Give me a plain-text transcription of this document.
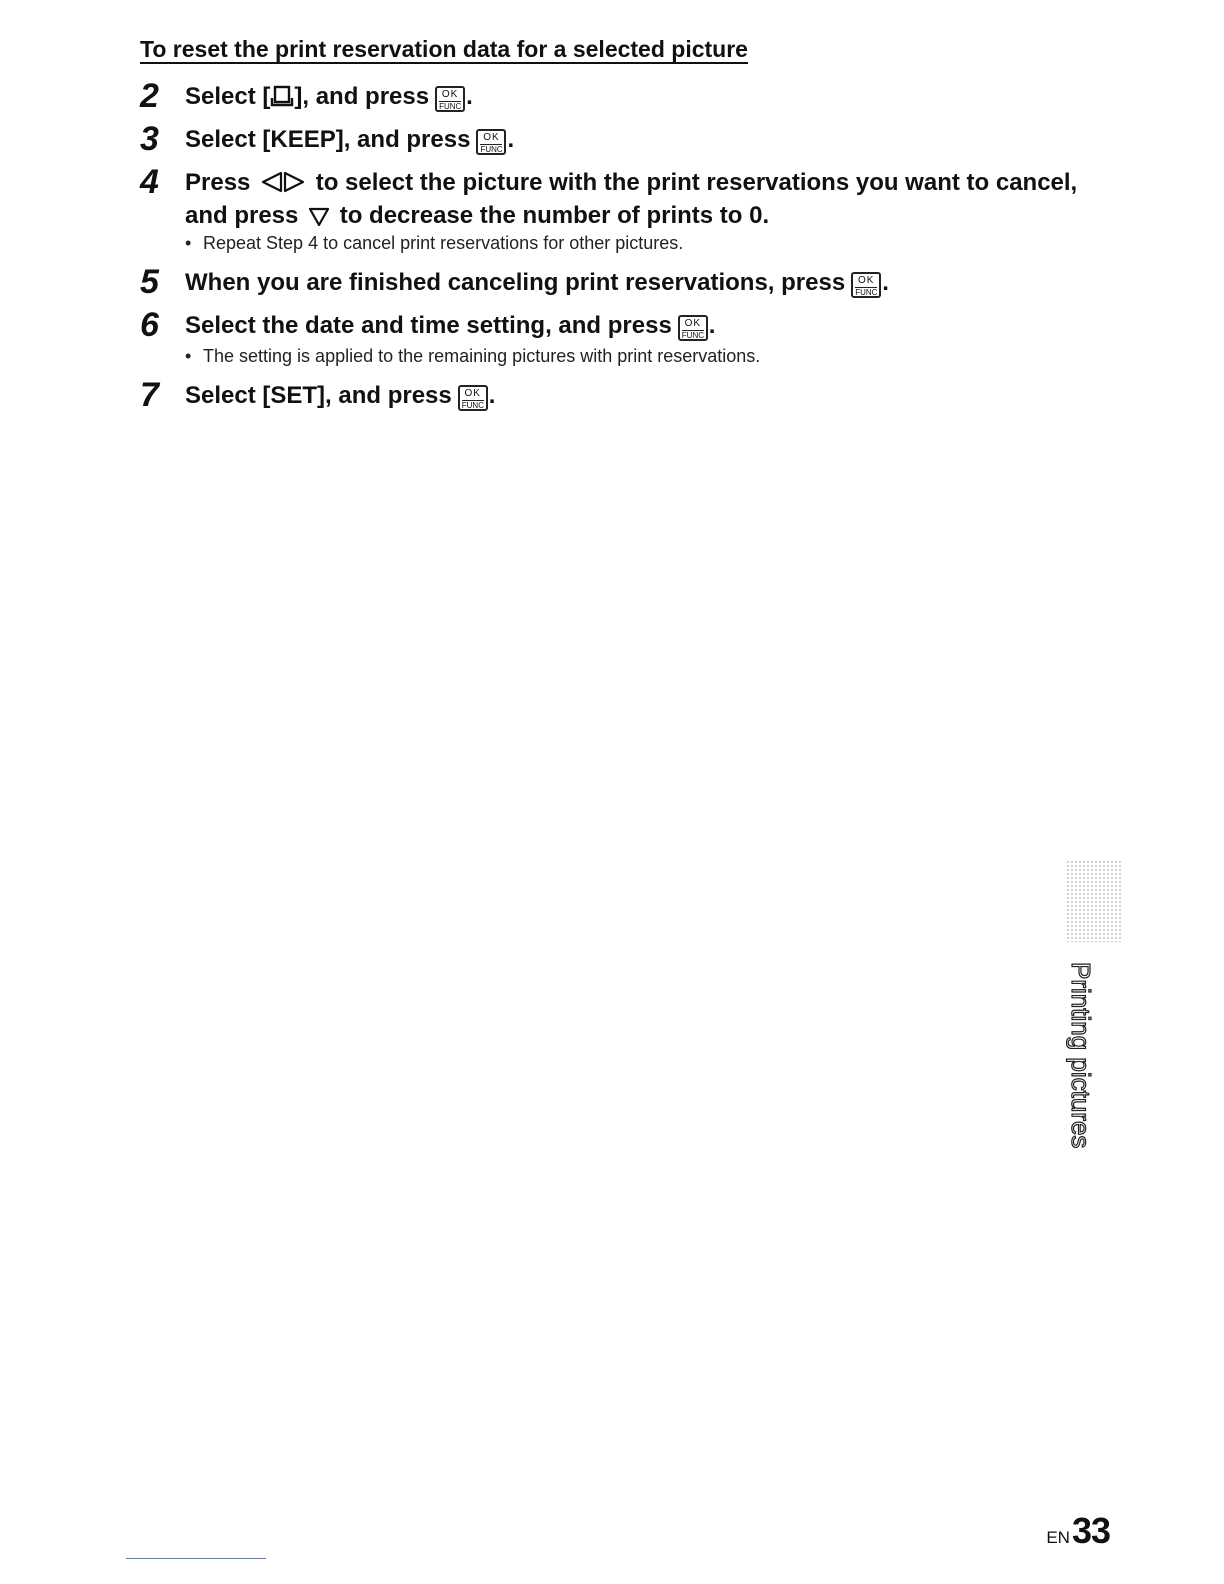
To reset the print reservation data for a selected picture
2 Select [ ], and press	OK
FUNC .
3 Select [KEEP], and press	OK
FUNC .
4 Press  to select the picture with the print reservations you want to cancel, and press  to decrease the number of prints to 0.
• Repeat Step 4 to cancel print reservations for other pictures.
5 When you are finished canceling print reservations, press	OK
FUNC .
6 Select the date and time setting, and press	OK
FUNC .
• The setting is applied to the remaining pictures with print reservations.
7 Select [SET], and press	OK
FUNC .
Printing pictures
EN33
